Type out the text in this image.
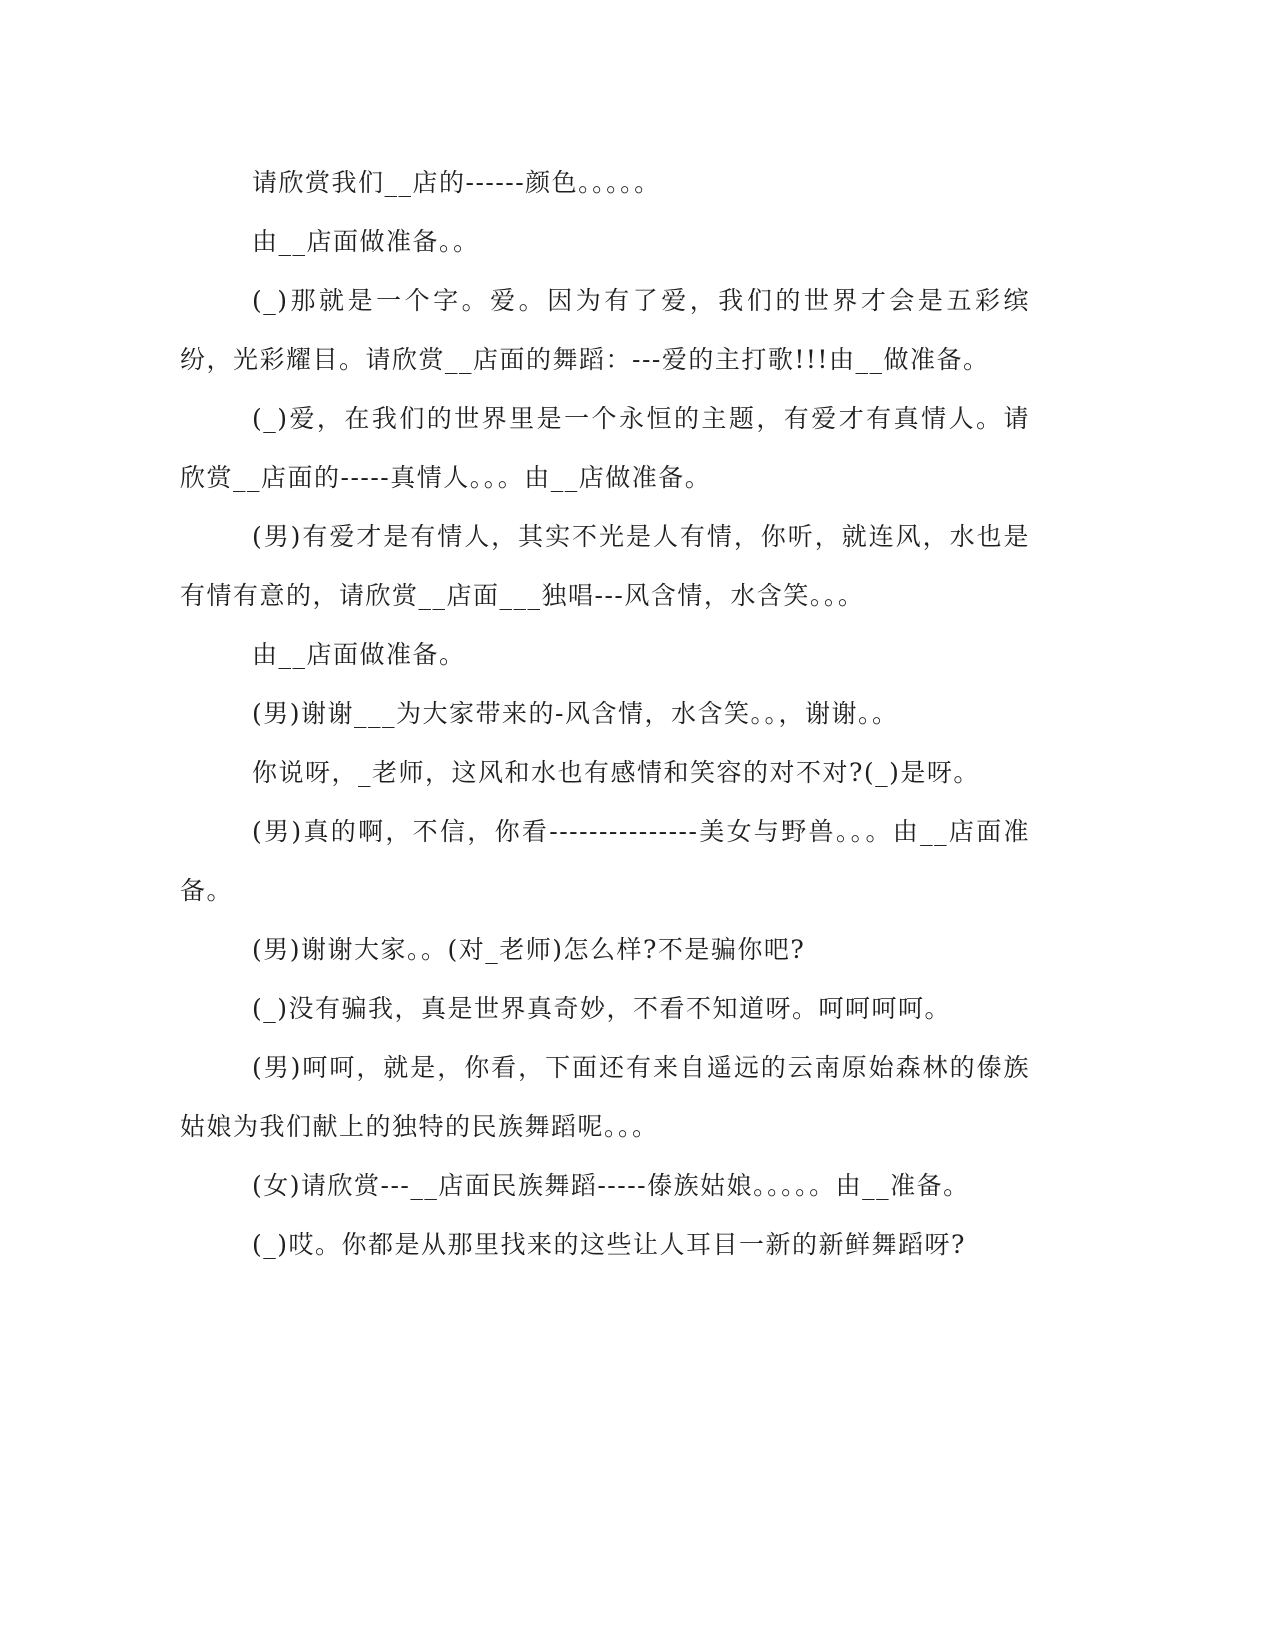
请欣赏我们__店的------颜色。。。。。

由__店面做准备。。

(_)那就是一个字。爱。因为有了爱，我们的世界才会是五彩缤纷，光彩耀目。请欣赏__店面的舞蹈：---爱的主打歌!!!由__做准备。

(_)爱，在我们的世界里是一个永恒的主题，有爱才有真情人。请欣赏__店面的-----真情人。。。由__店做准备。

(男)有爱才是有情人，其实不光是人有情，你听，就连风，水也是有情有意的，请欣赏__店面___独唱---风含情，水含笑。。。

由__店面做准备。

(男)谢谢___为大家带来的-风含情，水含笑。。，谢谢。。

你说呀，_老师，这风和水也有感情和笑容的对不对?(_)是呀。

(男)真的啊，不信，你看---------------美女与野兽。。。由__店面准备。

(男)谢谢大家。。(对_老师)怎么样?不是骗你吧?

(_)没有骗我，真是世界真奇妙，不看不知道呀。呵呵呵呵。

(男)呵呵，就是，你看，下面还有来自遥远的云南原始森林的傣族姑娘为我们献上的独特的民族舞蹈呢。。。

(女)请欣赏---__店面民族舞蹈-----傣族姑娘。。。。。由__准备。

(_)哎。你都是从那里找来的这些让人耳目一新的新鲜舞蹈呀?
